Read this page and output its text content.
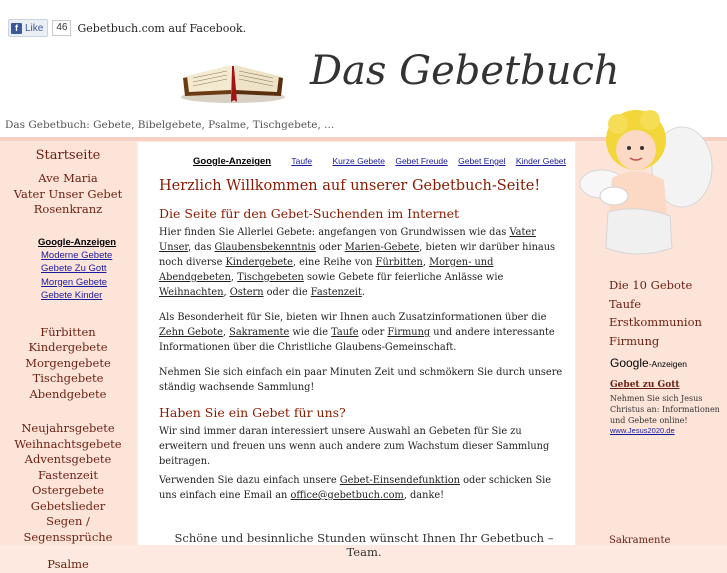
f Like	46 Gebetbuch.com auf Facebook.
Das Gebetbuch
Das Gebetbuch: Gebete, Bibelgebete, Psalme, Tischgebete, ...
Startseite
Ave Maria
Vater Unser Gebet
Rosenkranz
Google-Anzeigen
Moderne Gebete
Gebete Zu Gott
Morgen Gebete
Gebete Kinder
Fürbitten
Kindergebete
Morgengebete
Tischgebete
Abendgebete
Neujahrsgebete
Weihnachtsgebete
Adventsgebete
Fastenzeit
Ostergebete
Gebetslieder
Segen / Segenssprüche
Psalme
Google-Anzeigen Taufe Kurze Gebete Gebet Freude Gebet Engel Kinder Gebet
Herzlich Willkommen auf unserer Gebetbuch-Seite!
Die Seite für den Gebet-Suchenden im Internet

Hier finden Sie Allerlei Gebete: angefangen von Grundwissen wie das Vater Unser, das Glaubensbekenntnis oder Marien-Gebete, bieten wir darüber hinaus noch diverse Kindergebete, eine Reihe von Fürbitten, Morgen- und Abendgebeten, Tischgebeten sowie Gebete für feierliche Anlässe wie Weihnachten, Ostern oder die Fastenzeit.

Als Besonderheit für Sie, bieten wir Ihnen auch Zusatzinformationen über die Zehn Gebote, Sakramente wie die Taufe oder Firmung und andere interessante Informationen über die Christliche Glaubens-Gemeinschaft.

Nehmen Sie sich einfach ein paar Minuten Zeit und schmökern Sie durch unsere ständig wachsende Sammlung!

Haben Sie ein Gebet für uns?

Wir sind immer daran interessiert unsere Auswahl an Gebeten für Sie zu erweitern und freuen uns wenn auch andere zum Wachstum dieser Sammlung beitragen.

Verwenden Sie dazu einfach unsere Gebet-Einsendefunktion oder schicken Sie uns einfach eine Email an office@gebetbuch.com, danke!

Schöne und besinnliche Stunden wünscht Ihnen Ihr Gebetbuch – Team.
Die 10 Gebote
Taufe
Erstkommunion
Firmung
Google-Anzeigen
Gebet zu Gott
Nehmen Sie sich Jesus Christus an: Informationen und Gebete online!
www.Jesus2020.de
Sakramente
